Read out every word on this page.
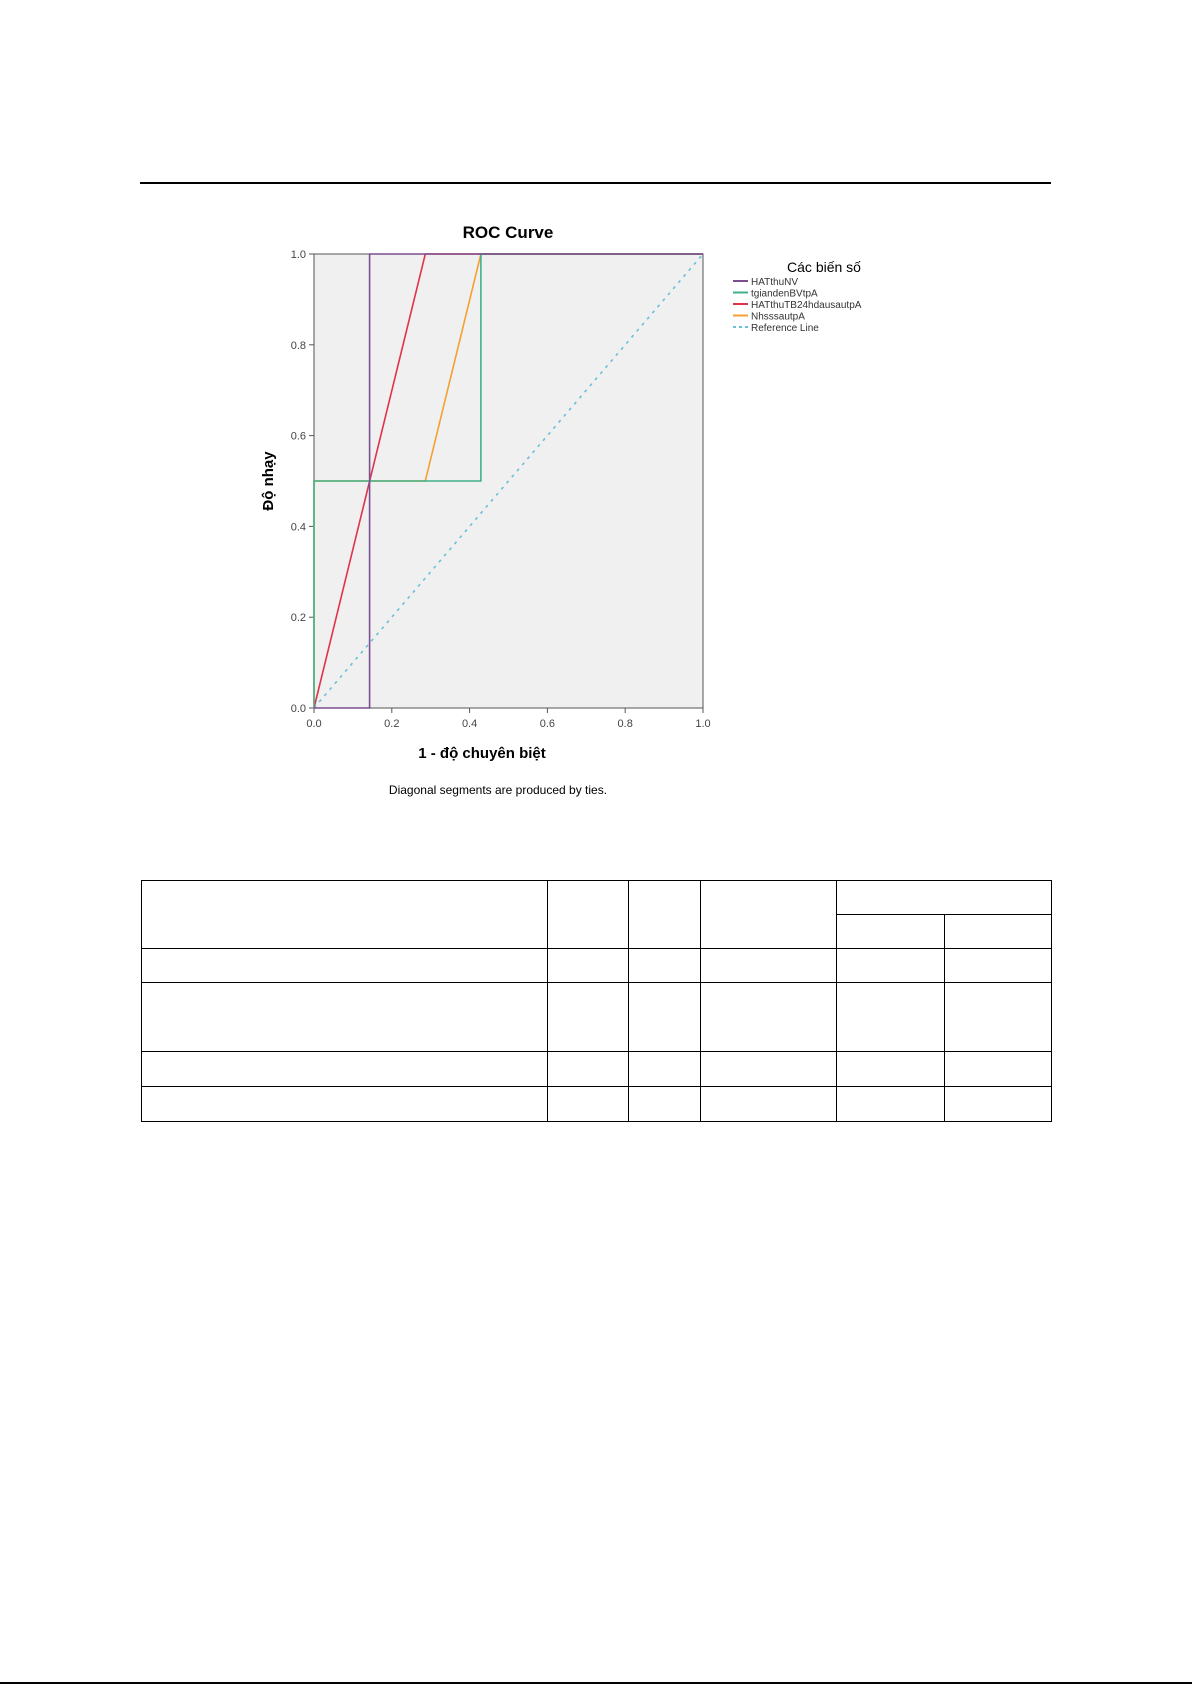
ROC Curve
0.0
0.2
0.4
0.6
0.8
1.0
0.0	0.2	0.4	0.6	0.8	1.0
Độ nhạy
1 - độ chuyên biệt
Diagonal segments are produced by ties.
Các biến số
HATthuNV
tgiandenBVtpA
HATthuTB24hdausautpA
NhsssautpA
Reference Line
